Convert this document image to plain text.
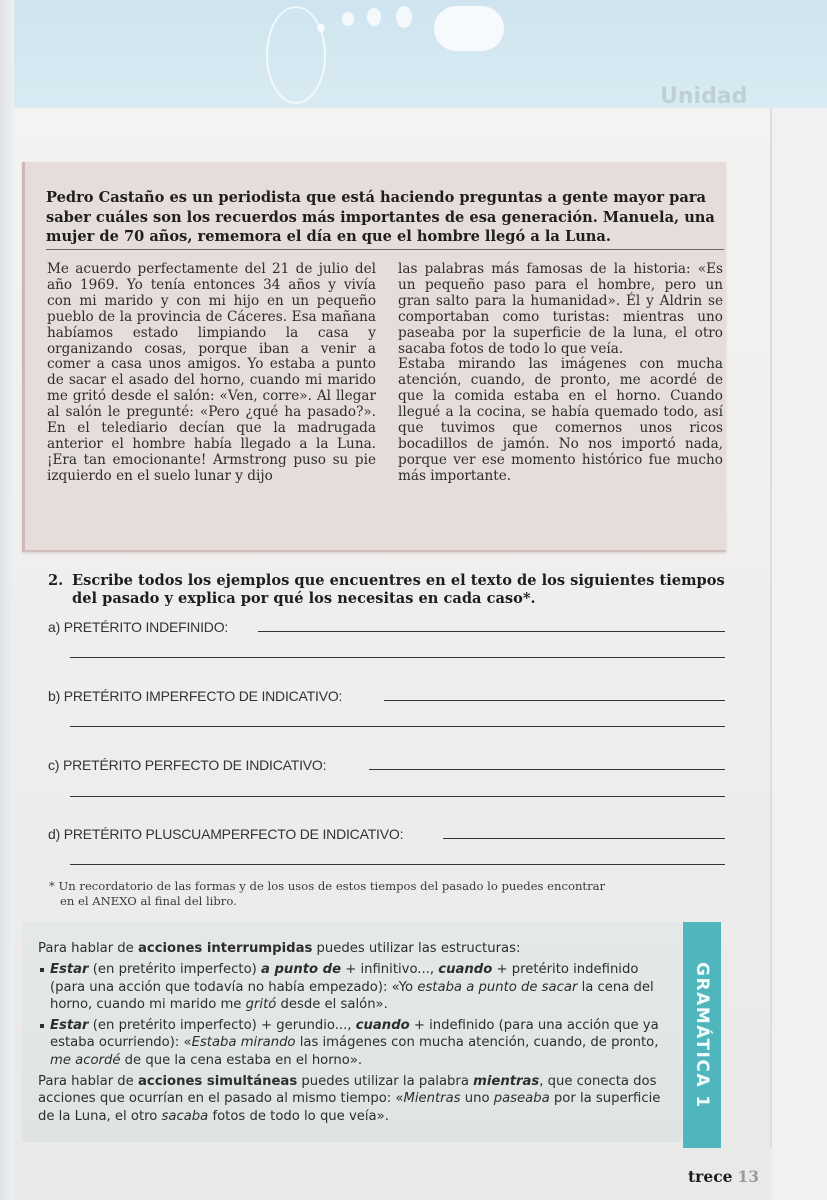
Unidad
Pedro Castaño es un periodista que está haciendo preguntas a gente mayor para saber cuáles son los recuerdos más importantes de esa generación. Manuela, una mujer de 70 años, rememora el día en que el hombre llegó a la Luna.

Me acuerdo perfectamente del 21 de julio del año 1969. Yo tenía entonces 34 años y vivía con mi marido y con mi hijo en un pequeño pueblo de la provincia de Cáceres. Esa mañana habíamos estado limpiando la casa y organizando cosas, porque iban a venir a comer a casa unos amigos. Yo estaba a punto de sacar el asado del horno, cuando mi marido me gritó desde el salón: «Ven, corre». Al llegar al salón le pregunté: «Pero ¿qué ha pasado?». En el telediario decían que la madrugada anterior el hombre había llegado a la Luna. ¡Era tan emocionante! Armstrong puso su pie izquierdo en el suelo lunar y dijo

las palabras más famosas de la historia: «Es un pequeño paso para el hombre, pero un gran salto para la humanidad». Él y Aldrin se comportaban como turistas: mientras uno paseaba por la superficie de la luna, el otro sacaba fotos de todo lo que veía.

Estaba mirando las imágenes con mucha atención, cuando, de pronto, me acordé de que la comida estaba en el horno. Cuando llegué a la cocina, se había quemado todo, así que tuvimos que comernos unos ricos bocadillos de jamón. No nos importó nada, porque ver ese momento histórico fue mucho más importante.

2. Escribe todos los ejemplos que encuentres en el texto de los siguientes tiempos del pasado y explica por qué los necesitas en cada caso*.
a) PRETÉRITO INDEFINIDO:
b) PRETÉRITO IMPERFECTO DE INDICATIVO:
c) PRETÉRITO PERFECTO DE INDICATIVO:
d) PRETÉRITO PLUSCUAMPERFECTO DE INDICATIVO:
* Un recordatorio de las formas y de los usos de estos tiempos del pasado lo puedes encontrar
en el ANEXO al final del libro.

Para hablar de acciones interrumpidas puedes utilizar las estructuras:

Estar (en pretérito imperfecto) a punto de + infinitivo..., cuando + pretérito indefinido (para una acción que todavía no había empezado): «Yo estaba a punto de sacar la cena del horno, cuando mi marido me gritó desde el salón».

Estar (en pretérito imperfecto) + gerundio..., cuando + indefinido (para una acción que ya estaba ocurriendo): «Estaba mirando las imágenes con mucha atención, cuando, de pronto, me acordé de que la cena estaba en el horno».

Para hablar de acciones simultáneas puedes utilizar la palabra mientras, que conecta dos acciones que ocurrían en el pasado al mismo tiempo: «Mientras uno paseaba por la superficie de la Luna, el otro sacaba fotos de todo lo que veía».

GRAMÁTICA 1
trece 13
